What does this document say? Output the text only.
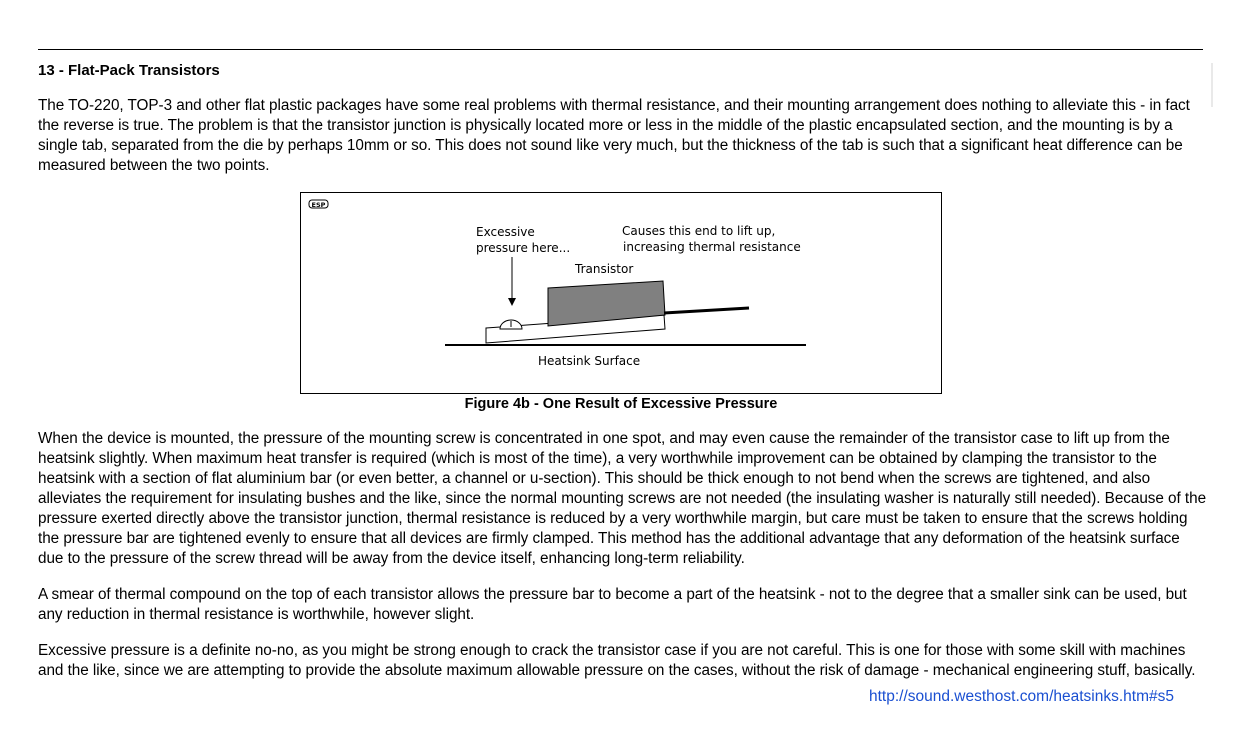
13 - Flat-Pack Transistors

The TO-220, TOP-3 and other flat plastic packages have some real problems with thermal resistance, and their mounting arrangement does nothing to alleviate this - in fact the reverse is true. The problem is that the transistor junction is physically located more or less in the middle of the plastic encapsulated section, and the mounting is by a single tab, separated from the die by perhaps 10mm or so. This does not sound like very much, but the thickness of the tab is such that a significant heat difference can be measured between the two points.

ESP
Excessive
pressure here...
Causes this end to lift up,
increasing thermal resistance
Transistor
Heatsink Surface

Figure 4b - One Result of Excessive Pressure

When the device is mounted, the pressure of the mounting screw is concentrated in one spot, and may even cause the remainder of the transistor case to lift up from the heatsink slightly. When maximum heat transfer is required (which is most of the time), a very worthwhile improvement can be obtained by clamping the transistor to the heatsink with a section of flat aluminium bar (or even better, a channel or u-section). This should be thick enough to not bend when the screws are tightened, and also alleviates the requirement for insulating bushes and the like, since the normal mounting screws are not needed (the insulating washer is naturally still needed). Because of the pressure exerted directly above the transistor junction, thermal resistance is reduced by a very worthwhile margin, but care must be taken to ensure that the screws holding the pressure bar are tightened evenly to ensure that all devices are firmly clamped. This method has the additional advantage that any deformation of the heatsink surface due to the pressure of the screw thread will be away from the device itself, enhancing long-term reliability.

A smear of thermal compound on the top of each transistor allows the pressure bar to become a part of the heatsink - not to the degree that a smaller sink can be used, but any reduction in thermal resistance is worthwhile, however slight.

Excessive pressure is a definite no-no, as you might be strong enough to crack the transistor case if you are not careful. This is one for those with some skill with machines and the like, since we are attempting to provide the absolute maximum allowable pressure on the cases, without the risk of damage - mechanical engineering stuff, basically.

http://sound.westhost.com/heatsinks.htm#s5
